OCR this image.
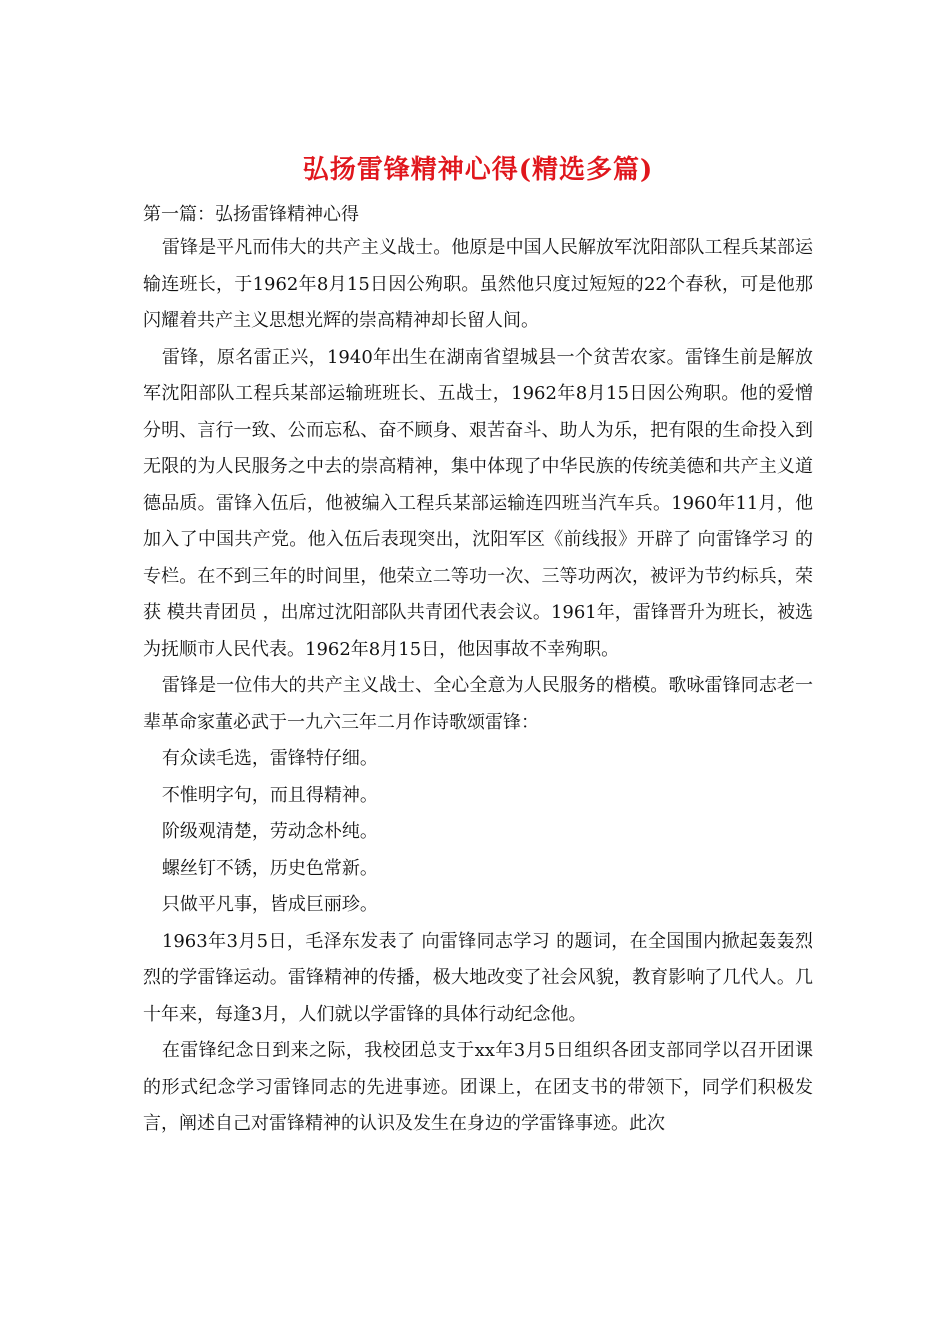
弘扬雷锋精神心得(精选多篇)

第一篇：弘扬雷锋精神心得

雷锋是平凡而伟大的共产主义战士。他原是中国人民解放军沈阳部队工程兵某部运输连班长，于1962年8月15日因公殉职。虽然他只度过短短的22个春秋，可是他那闪耀着共产主义思想光辉的崇高精神却长留人间。

雷锋，原名雷正兴，1940年出生在湖南省望城县一个贫苦农家。雷锋生前是解放军沈阳部队工程兵某部运输班班长、五战士，1962年8月15日因公殉职。他的爱憎分明、言行一致、公而忘私、奋不顾身、艰苦奋斗、助人为乐，把有限的生命投入到无限的为人民服务之中去的崇高精神，集中体现了中华民族的传统美德和共产主义道德品质。雷锋入伍后，他被编入工程兵某部运输连四班当汽车兵。1960年11月，他加入了中国共产党。他入伍后表现突出，沈阳军区《前线报》开辟了 向雷锋学习 的专栏。在不到三年的时间里，他荣立二等功一次、三等功两次，被评为节约标兵，荣获 模共青团员 ，出席过沈阳部队共青团代表会议。1961年，雷锋晋升为班长，被选为抚顺市人民代表。1962年8月15日，他因事故不幸殉职。

雷锋是一位伟大的共产主义战士、全心全意为人民服务的楷模。歌咏雷锋同志老一辈革命家董必武于一九六三年二月作诗歌颂雷锋：

有众读毛选，雷锋特仔细。

不惟明字句，而且得精神。

阶级观清楚，劳动念朴纯。

螺丝钉不锈，历史色常新。

只做平凡事，皆成巨丽珍。

1963年3月5日，毛泽东发表了 向雷锋同志学习 的题词，在全国围内掀起轰轰烈烈的学雷锋运动。雷锋精神的传播，极大地改变了社会风貌，教育影响了几代人。几十年来，每逢3月，人们就以学雷锋的具体行动纪念他。

在雷锋纪念日到来之际，我校团总支于xx年3月5日组织各团支部同学以召开团课的形式纪念学习雷锋同志的先进事迹。团课上，在团支书的带领下，同学们积极发言，阐述自己对雷锋精神的认识及发生在身边的学雷锋事迹。此次
